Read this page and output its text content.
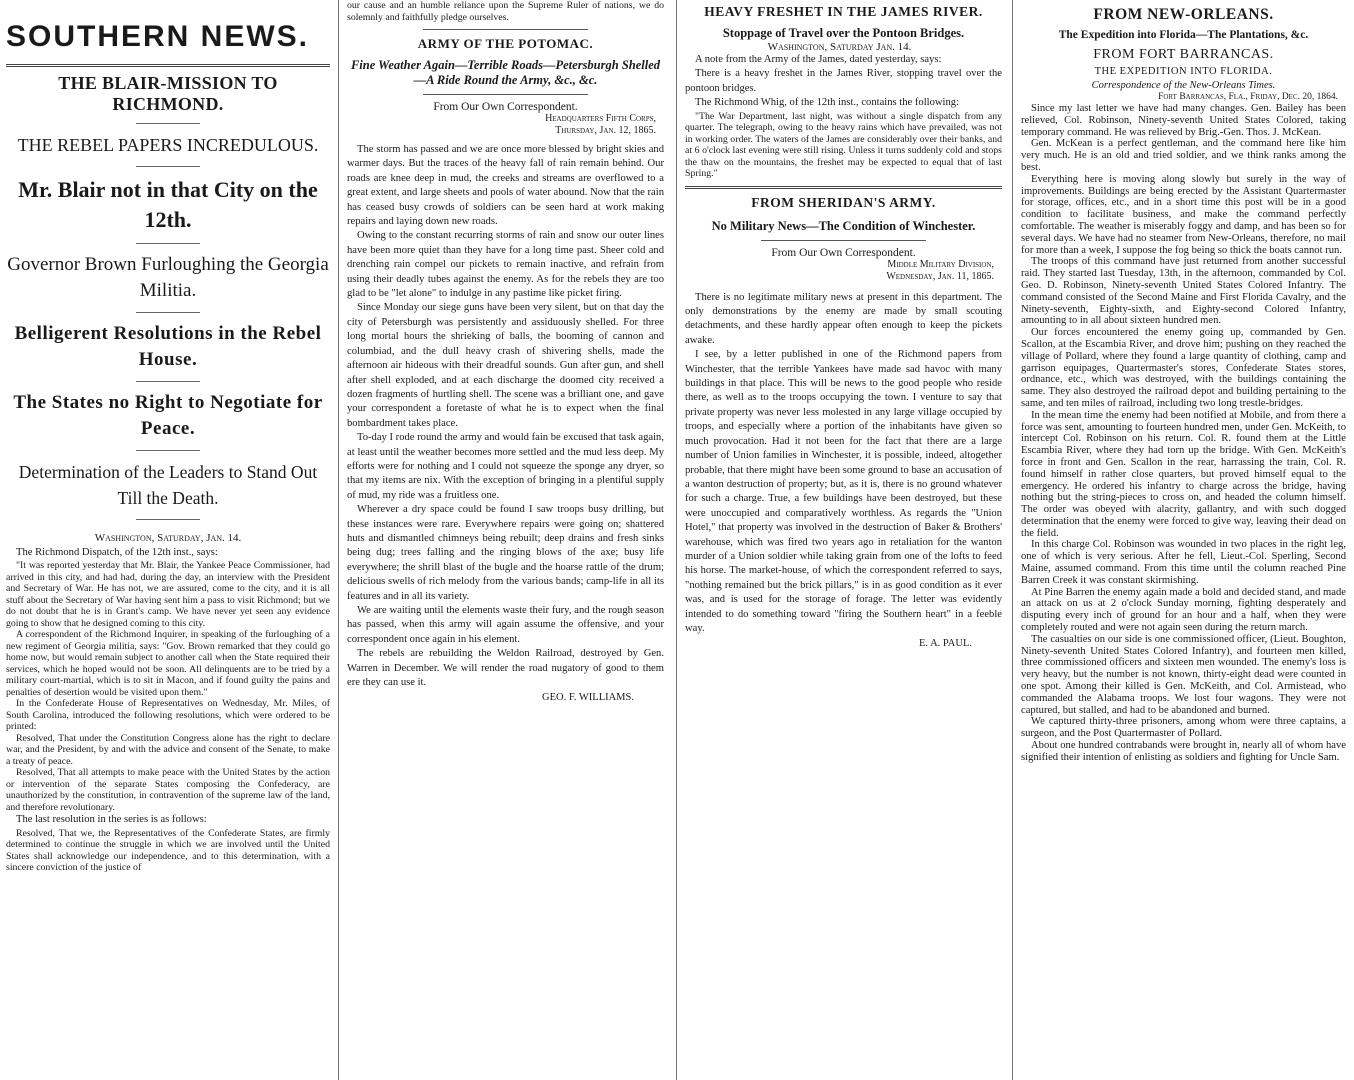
SOUTHERN NEWS.
THE BLAIR-MISSION TO RICHMOND.
THE REBEL PAPERS INCREDULOUS.
Mr. Blair not in that City on the 12th.
Governor Brown Furloughing the Georgia Militia.
Belligerent Resolutions in the Rebel House.
The States no Right to Negotiate for Peace.
Determination of the Leaders to Stand Out Till the Death.
Washington, Saturday, Jan. 14.

The Richmond Dispatch, of the 12th inst., says:

"It was reported yesterday that Mr. Blair, the Yankee Peace Commissioner, had arrived in this city, and had had, during the day, an interview with the President and Secretary of War. He has not, we are assured, come to the city, and it is all stuff about the Secretary of War having sent him a pass to visit Richmond; but we do not doubt that he is in Grant's camp. We have never yet seen any evidence going to show that he designed coming to this city.

A correspondent of the Richmond Inquirer, in speaking of the furloughing of a new regiment of Georgia militia, says: "Gov. Brown remarked that they could go home now, but would remain subject to another call when the State required their services, which he hoped would not be soon. All delinquents are to be tried by a military court-martial, which is to sit in Macon, and if found guilty the pains and penalties of desertion would be visited upon them."

In the Confederate House of Representatives on Wednesday, Mr. Miles, of South Carolina, introduced the following resolutions, which were ordered to be printed:

Resolved, That under the Constitution Congress alone has the right to declare war, and the President, by and with the advice and consent of the Senate, to make a treaty of peace.

Resolved, That all attempts to make peace with the United States by the action or intervention of the separate States composing the Confederacy, are unauthorized by the constitution, in contravention of the supreme law of the land, and therefore revolutionary.

The last resolution in the series is as follows:

Resolved, That we, the Representatives of the Confederate States, are firmly determined to continue the struggle in which we are involved until the United States shall acknowledge our independence, and to this determination, with a sincere conviction of the justice of

our cause and an humble reliance upon the Supreme Ruler of nations, we do solemnly and faithfully pledge ourselves.

ARMY OF THE POTOMAC.
Fine Weather Again—Terrible Roads—Petersburgh Shelled—A Ride Round the Army, &c., &c.
From Our Own Correspondent.
Headquarters Fifth Corps,
Thursday, Jan. 12, 1865.

The storm has passed and we are once more blessed by bright skies and warmer days. But the traces of the heavy fall of rain remain behind. Our roads are knee deep in mud, the creeks and streams are overflowed to a great extent, and large sheets and pools of water abound. Now that the rain has ceased busy crowds of soldiers can be seen hard at work making repairs and laying down new roads.

Owing to the constant recurring storms of rain and snow our outer lines have been more quiet than they have for a long time past. Sheer cold and drenching rain compel our pickets to remain inactive, and refrain from using their deadly tubes against the enemy. As for the rebels they are too glad to be "let alone" to indulge in any pastime like picket firing.

Since Monday our siege guns have been very silent, but on that day the city of Petersburgh was persistently and assiduously shelled. For three long mortal hours the shrieking of balls, the booming of cannon and columbiad, and the dull heavy crash of shivering shells, made the afternoon air hideous with their dreadful sounds. Gun after gun, and shell after shell exploded, and at each discharge the doomed city received a dozen fragments of hurtling shell. The scene was a brilliant one, and gave your correspondent a foretaste of what he is to expect when the final bombardment takes place.

To-day I rode round the army and would fain be excused that task again, at least until the weather becomes more settled and the mud less deep. My efforts were for nothing and I could not squeeze the sponge any dryer, so that my items are nix. With the exception of bringing in a plentiful supply of mud, my ride was a fruitless one.

Wherever a dry space could be found I saw troops busy drilling, but these instances were rare. Everywhere repairs were going on; shattered huts and dismantled chimneys being rebuilt; deep drains and fresh sinks being dug; trees falling and the ringing blows of the axe; busy life everywhere; the shrill blast of the bugle and the hoarse rattle of the drum; delicious swells of rich melody from the various bands; camp-life in all its features and in all its variety.

We are waiting until the elements waste their fury, and the rough season has passed, when this army will again assume the offensive, and your correspondent once again in his element.

The rebels are rebuilding the Weldon Railroad, destroyed by Gen. Warren in December. We will render the road nugatory of good to them ere they can use it.

GEO. F. WILLIAMS.
HEAVY FRESHET IN THE JAMES RIVER.
Stoppage of Travel over the Pontoon Bridges.
Washington, Saturday Jan. 14.

A note from the Army of the James, dated yesterday, says:

There is a heavy freshet in the James River, stopping travel over the pontoon bridges.

The Richmond Whig, of the 12th inst., contains the following:

"The War Department, last night, was without a single dispatch from any quarter. The telegraph, owing to the heavy rains which have prevailed, was not in working order. The waters of the James are considerably over their banks, and at 6 o'clock last evening were still rising. Unless it turns suddenly cold and stops the thaw on the mountains, the freshet may be expected to equal that of last Spring."

FROM SHERIDAN'S ARMY.
No Military News—The Condition of Winchester.
From Our Own Correspondent.
Middle Military Division,
Wednesday, Jan. 11, 1865.

There is no legitimate military news at present in this department. The only demonstrations by the enemy are made by small scouting detachments, and these hardly appear often enough to keep the pickets awake.

I see, by a letter published in one of the Richmond papers from Winchester, that the terrible Yankees have made sad havoc with many buildings in that place. This will be news to the good people who reside there, as well as to the troops occupying the town. I venture to say that private property was never less molested in any large village occupied by troops, and especially where a portion of the inhabitants have given so much provocation. Had it not been for the fact that there are a large number of Union families in Winchester, it is possible, indeed, altogether probable, that there might have been some ground to base an accusation of a wanton destruction of property; but, as it is, there is no ground whatever for such a charge. True, a few buildings have been destroyed, but these were unoccupied and comparatively worthless. As regards the "Union Hotel," that property was involved in the destruction of Baker & Brothers' warehouse, which was fired two years ago in retaliation for the wanton murder of a Union soldier while taking grain from one of the lofts to feed his horse. The market-house, of which the correspondent referred to says, "nothing remained but the brick pillars," is in as good condition as it ever was, and is used for the storage of forage. The letter was evidently intended to do something toward "firing the Southern heart" in a feeble way.

E. A. PAUL.
FROM NEW-ORLEANS.
The Expedition into Florida—The Plantations, &c.
FROM FORT BARRANCAS.
THE EXPEDITION INTO FLORIDA.
Correspondence of the New-Orleans Times.
Fort Barrancas, Fla., Friday, Dec. 20, 1864.

Since my last letter we have had many changes. Gen. Bailey has been relieved, Col. Robinson, Ninety-seventh United States Colored, taking temporary command. He was relieved by Brig.-Gen. Thos. J. McKean.

Gen. McKean is a perfect gentleman, and the command here like him very much. He is an old and tried soldier, and we think ranks among the best.

Everything here is moving along slowly but surely in the way of improvements. Buildings are being erected by the Assistant Quartermaster for storage, offices, etc., and in a short time this post will be in a good condition to facilitate business, and make the command perfectly comfortable. The weather is miserably foggy and damp, and has been so for several days. We have had no steamer from New-Orleans, therefore, no mail for more than a week, I suppose the fog being so thick the boats cannot run.

The troops of this command have just returned from another successful raid. They started last Tuesday, 13th, in the afternoon, commanded by Col. Geo. D. Robinson, Ninety-seventh United States Colored Infantry. The command consisted of the Second Maine and First Florida Cavalry, and the Ninety-seventh, Eighty-sixth, and Eighty-second Colored Infantry, amounting to in all about sixteen hundred men.

Our forces encountered the enemy going up, commanded by Gen. Scallon, at the Escambia River, and drove him; pushing on they reached the village of Pollard, where they found a large quantity of clothing, camp and garrison equipages, Quartermaster's stores, Confederate States stores, ordnance, etc., which was destroyed, with the buildings containing the same. They also destroyed the railroad depot and building pertaining to the same, and ten miles of railroad, including two long trestle-bridges.

In the mean time the enemy had been notified at Mobile, and from there a force was sent, amounting to fourteen hundred men, under Gen. McKeith, to intercept Col. Robinson on his return. Col. R. found them at the Little Escambia River, where they had torn up the bridge. With Gen. McKeith's force in front and Gen. Scallon in the rear, harrassing the train, Col. R. found himself in rather close quarters, but proved himself equal to the emergency. He ordered his infantry to charge across the bridge, having nothing but the string-pieces to cross on, and headed the column himself. The order was obeyed with alacrity, gallantry, and with such dogged determination that the enemy were forced to give way, leaving their dead on the field.

In this charge Col. Robinson was wounded in two places in the right leg, one of which is very serious. After he fell, Lieut.-Col. Sperling, Second Maine, assumed command. From this time until the column reached Pine Barren Creek it was constant skirmishing.

At Pine Barren the enemy again made a bold and decided stand, and made an attack on us at 2 o'clock Sunday morning, fighting desperately and disputing every inch of ground for an hour and a half, when they were completely routed and were not again seen during the return march.

The casualties on our side is one commissioned officer, (Lieut. Boughton, Ninety-seventh United States Colored Infantry), and fourteen men killed, three commissioned officers and sixteen men wounded. The enemy's loss is very heavy, but the number is not known, thirty-eight dead were counted in one spot. Among their killed is Gen. McKeith, and Col. Armistead, who commanded the Alabama troops. We lost four wagons. They were not captured, but stalled, and had to be abandoned and burned.

We captured thirty-three prisoners, among whom were three captains, a surgeon, and the Post Quartermaster of Pollard.

About one hundred contrabands were brought in, nearly all of whom have signified their intention of enlisting as soldiers and fighting for Uncle Sam.
